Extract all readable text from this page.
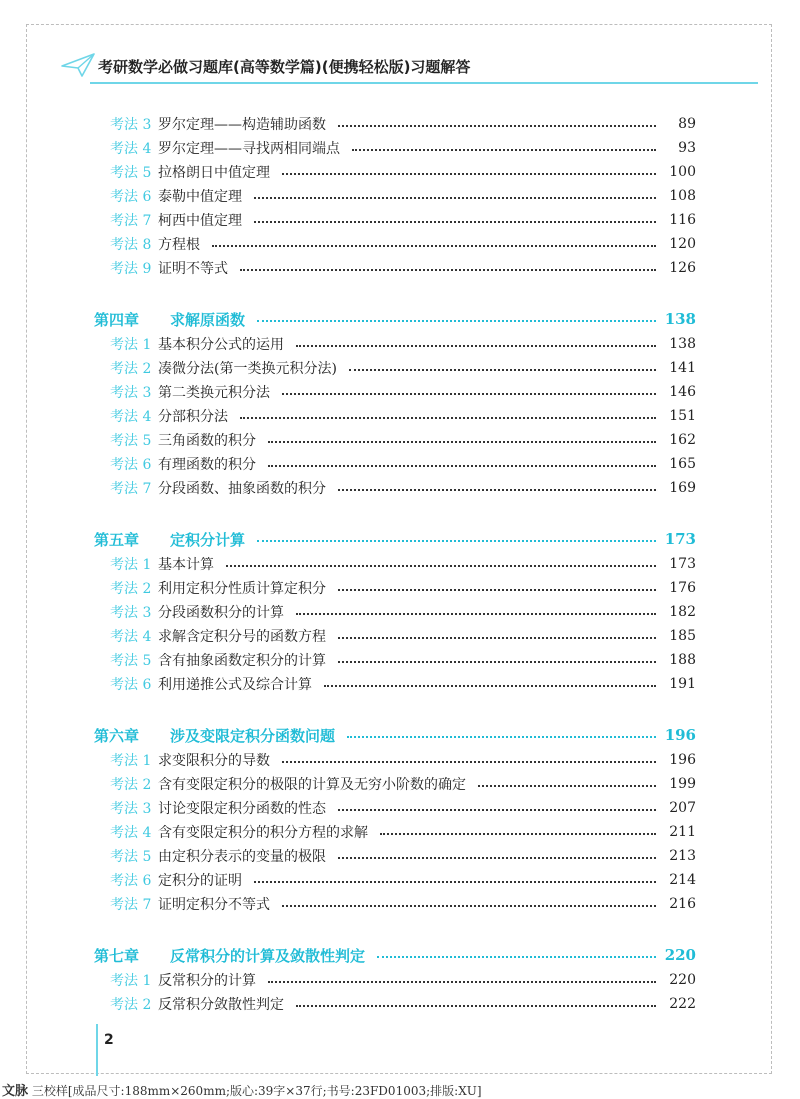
考研数学必做习题库(高等数学篇)(便携轻松版)习题解答
考法 3 罗尔定理——构造辅助函数	89
考法 4 罗尔定理——寻找两相同端点	93
考法 5 拉格朗日中值定理	100
考法 6 泰勒中值定理	108
考法 7 柯西中值定理	116
考法 8 方程根	120
考法 9 证明不等式	126
第四章	求解原函数	138
考法 1 基本积分公式的运用	138
考法 2 凑微分法(第一类换元积分法)	141
考法 3 第二类换元积分法	146
考法 4 分部积分法	151
考法 5 三角函数的积分	162
考法 6 有理函数的积分	165
考法 7 分段函数、抽象函数的积分	169
第五章	定积分计算	173
考法 1 基本计算	173
考法 2 利用定积分性质计算定积分	176
考法 3 分段函数积分的计算	182
考法 4 求解含定积分号的函数方程	185
考法 5 含有抽象函数定积分的计算	188
考法 6 利用递推公式及综合计算	191
第六章	涉及变限定积分函数问题	196
考法 1 求变限积分的导数	196
考法 2 含有变限定积分的极限的计算及无穷小阶数的确定	199
考法 3 讨论变限定积分函数的性态	207
考法 4 含有变限定积分的积分方程的求解	211
考法 5 由定积分表示的变量的极限	213
考法 6 定积分的证明	214
考法 7 证明定积分不等式	216
第七章	反常积分的计算及敛散性判定	220
考法 1 反常积分的计算	220
考法 2 反常积分敛散性判定	222
2
文脉 三校样[成品尺寸:188mm×260mm;版心:39字×37行;书号:23FD01003;排版:XU]
